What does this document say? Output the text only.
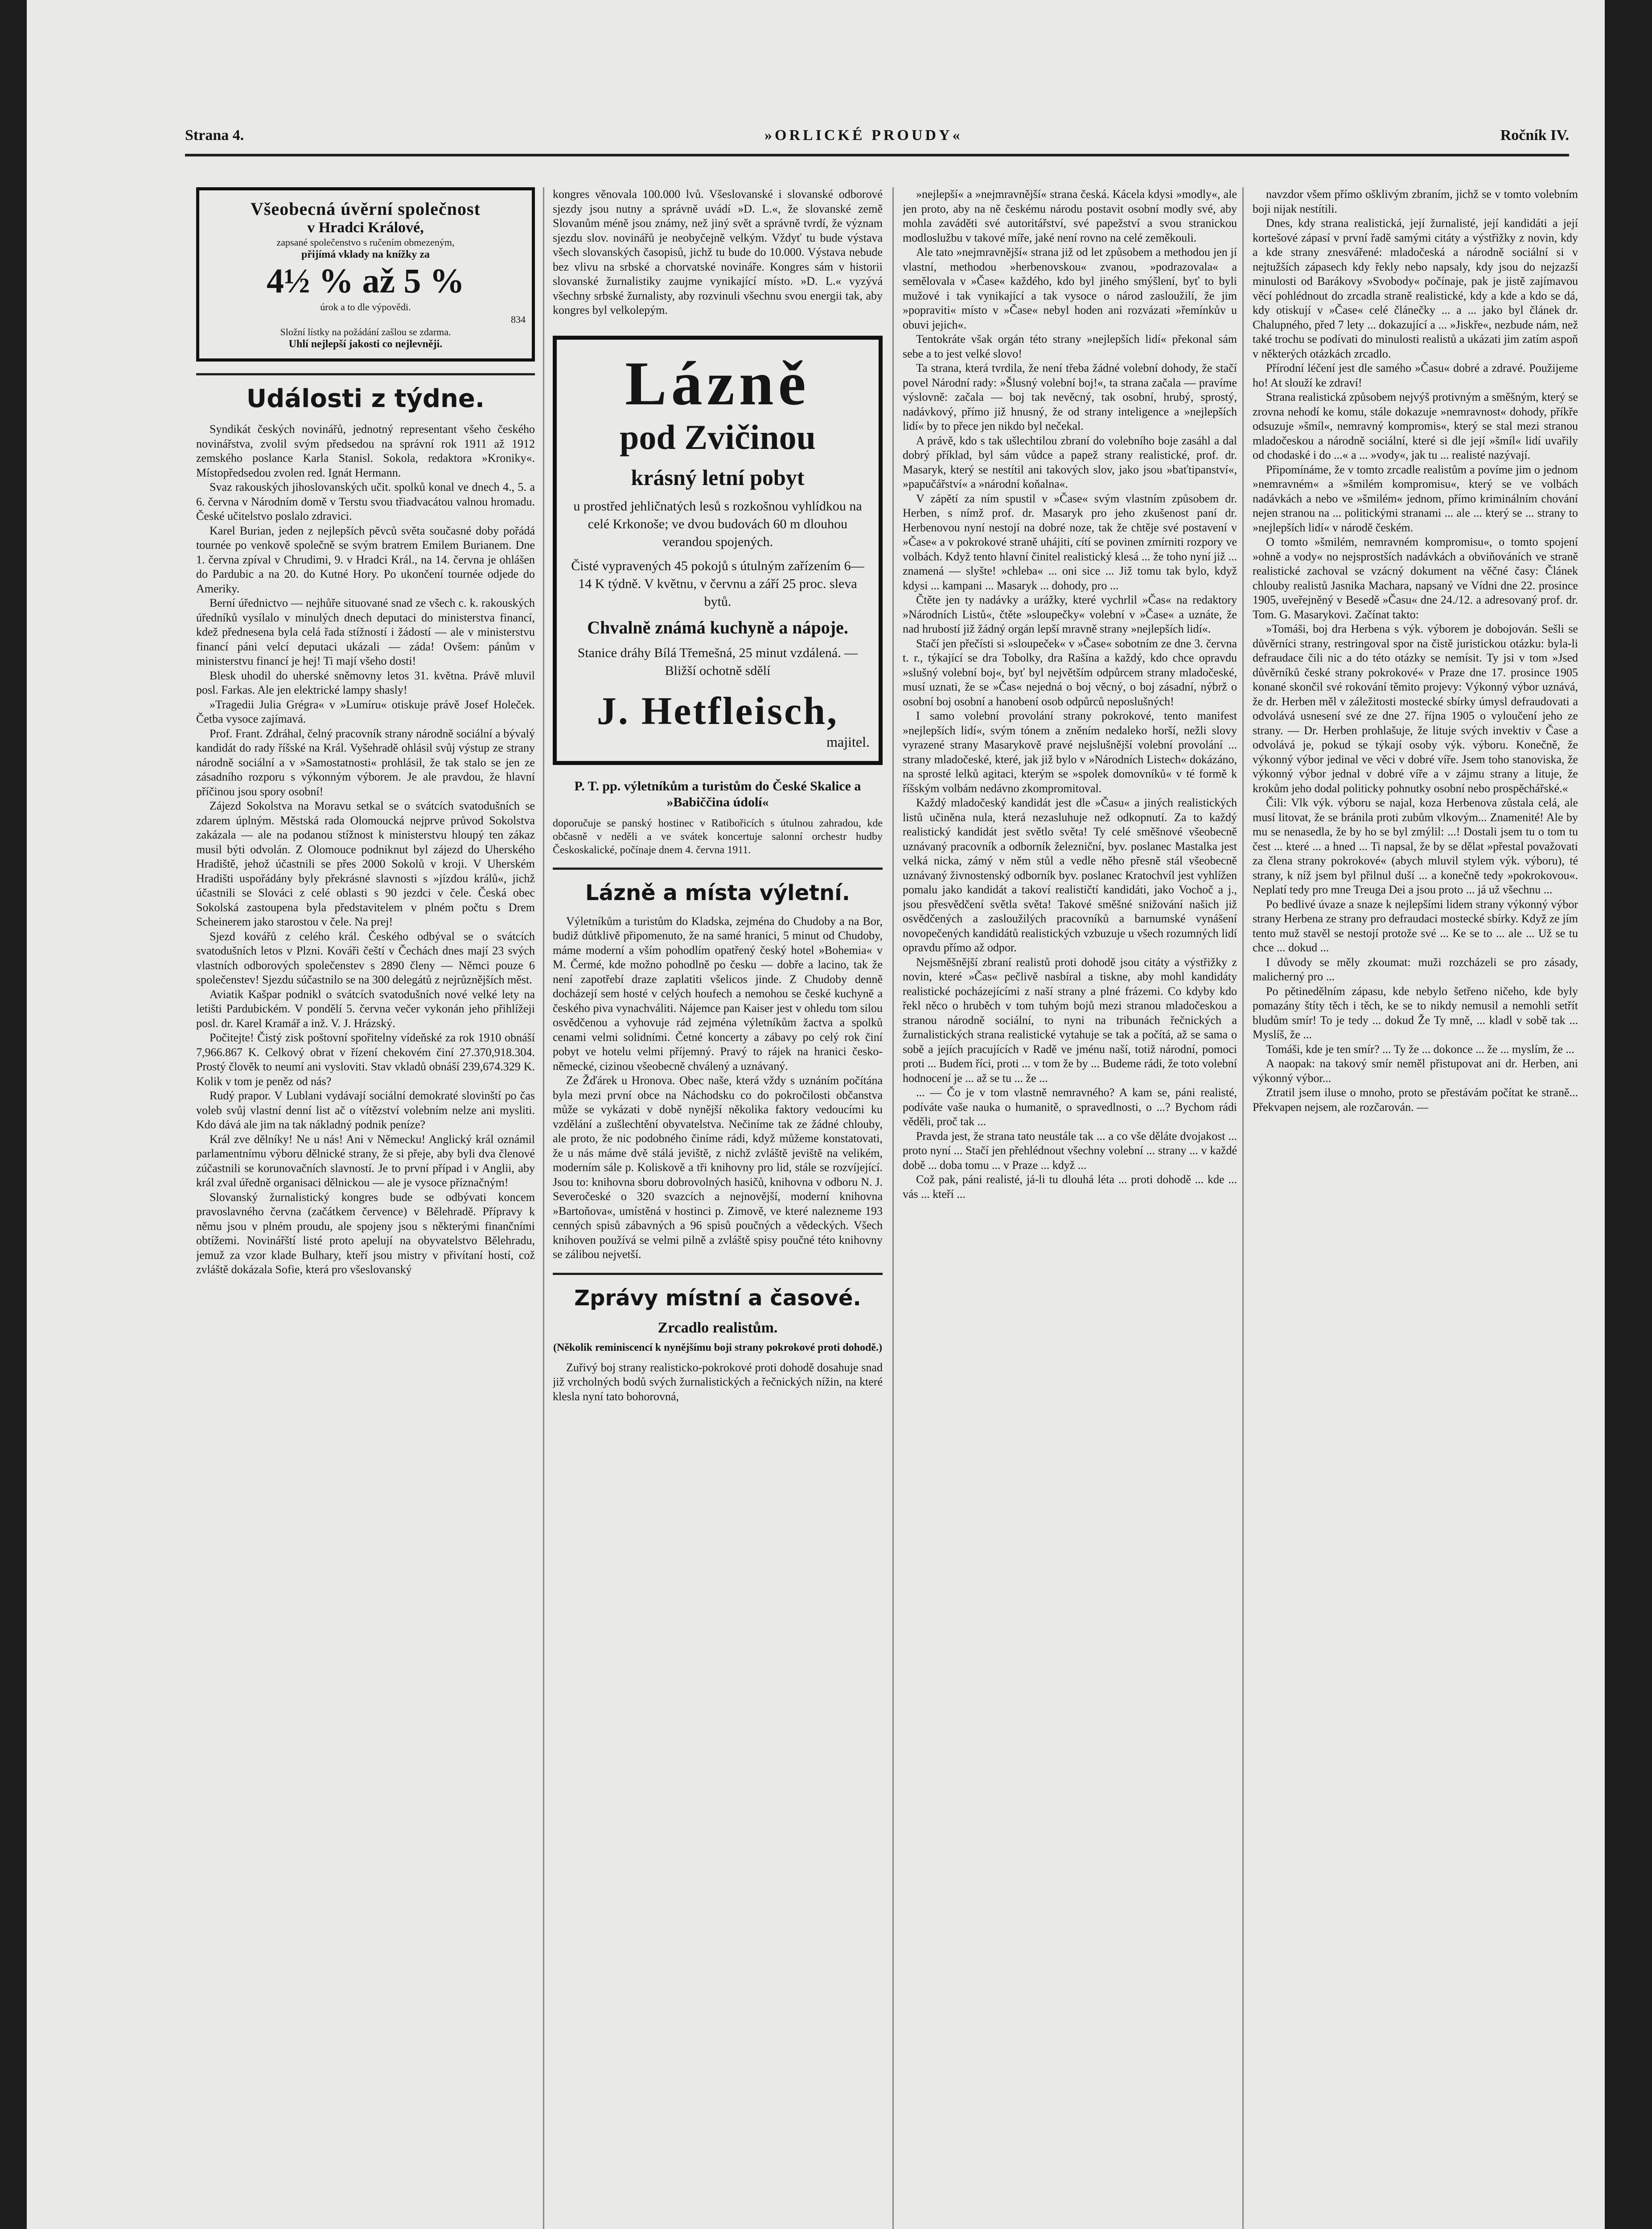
Strana 4.	»ORLICKÉ PROUDY«	Ročník IV.
Všeobecná úvěrní společnost
v Hradci Králové,
zapsané společenstvo s ručením obmezeným,
přijímá vklady na knížky za
4½ % až 5 %
úrok a to dle výpovědi.
834
Složní lístky na požádání zašlou se zdarma.
Uhlí nejlepší jakosti co nejlevněji.
Události z týdne.

Syndikát českých novinářů, jednotný representant všeho českého novinářstva, zvolil svým předsedou na správní rok 1911 až 1912 zemského poslance Karla Stanisl. Sokola, redaktora »Kroniky«. Místopředsedou zvolen red. Ignát Hermann.

Svaz rakouských jihoslovanských učit. spolků konal ve dnech 4., 5. a 6. června v Národním domě v Terstu svou třiadvacátou valnou hromadu. České učitelstvo poslalo zdravici.

Karel Burian, jeden z nejlepších pěvců světa současné doby pořádá tournée po venkově společně se svým bratrem Emilem Burianem. Dne 1. června zpíval v Chrudimi, 9. v Hradci Král., na 14. června je ohlášen do Pardubic a na 20. do Kutné Hory. Po ukončení tournée odjede do Ameriky.

Berní úřednictvo — nejhůře situované snad ze všech c. k. rakouských úředníků vysílalo v minulých dnech deputaci do ministerstva financí, kdež přednesena byla celá řada stížností i žádostí — ale v ministerstvu financí páni velcí deputaci ukázali — záda! Ovšem: pánům v ministerstvu financí je hej! Ti mají všeho dosti!

Blesk uhodil do uherské sněmovny letos 31. května. Právě mluvil posl. Farkas. Ale jen elektrické lampy shasly!

»Tragedii Julia Grégra« v »Lumíru« otiskuje právě Josef Holeček. Četba vysoce zajímavá.

Prof. Frant. Zdráhal, čelný pracovník strany národně sociální a bývalý kandidát do rady říšské na Král. Vyšehradě ohlásil svůj výstup ze strany národně sociální a v »Samostatnosti« prohlásil, že tak stalo se jen ze zásadního rozporu s výkonným výborem. Je ale pravdou, že hlavní příčinou jsou spory osobní!

Zájezd Sokolstva na Moravu setkal se o svátcích svatodušních se zdarem úplným. Městská rada Olomoucká nejprve průvod Sokolstva zakázala — ale na podanou stížnost k ministerstvu hloupý ten zákaz musil býti odvolán. Z Olomouce podniknut byl zájezd do Uherského Hradiště, jehož účastnili se přes 2000 Sokolů v kroji. V Uherském Hradišti uspořádány byly překrásné slavnosti s »jízdou králů«, jichž účastnili se Slováci z celé oblasti s 90 jezdci v čele. Česká obec Sokolská zastoupena byla představitelem v plném počtu s Drem Scheinerem jako starostou v čele. Na prej!

Sjezd kovářů z celého král. Českého odbýval se o svátcích svatodušních letos v Plzni. Kováři čeští v Čechách dnes mají 23 svých vlastních odborových společenstev s 2890 členy — Němci pouze 6 společenstev! Sjezdu súčastnilo se na 300 delegátů z nejrůznějších měst.

Aviatik Kašpar podnikl o svátcích svatodušních nové velké lety na letišti Pardubickém. V pondělí 5. června večer vykonán jeho přihlížeji posl. dr. Karel Kramář a inž. V. J. Hrázský.

Počitejte! Čistý zisk poštovní spořitelny vídeňské za rok 1910 obnáší 7,966.867 K. Celkový obrat v řízení chekovém činí 27.370,918.304. Prostý člověk to neumí ani vysloviti. Stav vkladů obnáší 239,674.329 K. Kolik v tom je peněz od nás?

Rudý prapor. V Lublani vydávají sociální demokraté slovinští po čas voleb svůj vlastní denní list ač o vítězství volebním nelze ani mysliti. Kdo dává ale jim na tak nákladný podnik peníze?

Král zve dělníky! Ne u nás! Ani v Německu! Anglický král oznámil parlamentnímu výboru dělnické strany, že si přeje, aby byli dva členové zúčastnili se korunovačních slavností. Je to první případ i v Anglii, aby král zval úředně organisaci dělnickou — ale je vysoce příznačným!

Slovanský žurnalistický kongres bude se odbývati koncem pravoslavného června (začátkem července) v Bělehradě. Přípravy k němu jsou v plném proudu, ale spojeny jsou s některými finančními obtížemi. Novinářští listé proto apelují na obyvatelstvo Bělehradu, jemuž za vzor klade Bulhary, kteří jsou mistry v přivítaní hostí, což zvláště dokázala Sofie, která pro všeslovanský

kongres věnovala 100.000 lvů. Všeslovanské i slovanské odborové sjezdy jsou nutny a správně uvádí »D. L.«, že slovanské země Slovanům méně jsou známy, než jiný svět a správně tvrdí, že význam sjezdu slov. novinářů je neobyčejně velkým. Vždyť tu bude výstava všech slovanských časopisů, jichž tu bude do 10.000. Výstava nebude bez vlivu na srbské a chorvatské novináře. Kongres sám v historii slovanské žurnalistiky zaujme vynikající místo. »D. L.« vyzývá všechny srbské žurnalisty, aby rozvinuli všechnu svou energii tak, aby kongres byl velkolepým.

Lázně
pod Zvičinou
krásný letní pobyt
u prostřed jehličnatých lesů s rozkošnou vyhlídkou na celé Krkonoše; ve dvou budovách 60 m dlouhou verandou spojených.
Čisté vypravených 45 pokojů s útulným zařízením 6—14 K týdně. V květnu, v červnu a září 25 proc. sleva bytů.
Chvalně známá kuchyně a nápoje.
Stanice dráhy Bílá Třemešná, 25 minut vzdálená. — Bližší ochotně sdělí
J. Hetfleisch,
majitel.
P. T. pp. výletníkům a turistům do České Skalice a »Babiččina údolí«

doporučuje se panský hostinec v Ratibořicích s útulnou zahradou, kde občasně v neděli a ve svátek koncertuje salonní orchestr hudby Českoskalické, počínaje dnem 4. června 1911.

Lázně a místa výletní.

Výletníkům a turistům do Kladska, zejména do Chudoby a na Bor, budiž důtklivě připomenuto, že na samé hranici, 5 minut od Chudoby, máme moderní a vším pohodlím opatřený český hotel »Bohemia« v M. Čermé, kde možno pohodlně po česku — dobře a lacino, tak že není zapotřebí draze zaplatiti všelicos jinde. Z Chudoby denně docházejí sem hosté v celých houfech a nemohou se české kuchyně a českého piva vynachváliti. Nájemce pan Kaiser jest v ohledu tom silou osvědčenou a vyhovuje rád zejména výletníkům žactva a spolků cenami velmi solidními. Četné koncerty a zábavy po celý rok činí pobyt ve hotelu velmi příjemný. Pravý to rájek na hranici česko-německé, cizinou všeobecně chválený a uznávaný.

Ze Žďárek u Hronova. Obec naše, která vždy s uznáním počítána byla mezi první obce na Náchodsku co do pokročilosti občanstva může se vykázati v době nynější několika faktory vedoucími ku vzdělání a zušlechtění obyvatelstva. Nečiníme tak ze žádné chlouby, ale proto, že nic podobného činíme rádi, když můžeme konstatovati, že u nás máme dvě stálá jeviště, z nichž zvláště jeviště na velikém, moderním sále p. Koliskově a tři knihovny pro lid, stále se rozvíjející. Jsou to: knihovna sboru dobrovolných hasičů, knihovna v odboru N. J. Severočeské o 320 svazcích a nejnovější, moderní knihovna »Bartoňova«, umístěná v hostinci p. Zimově, ve které nalezneme 193 cenných spisů zábavných a 96 spisů poučných a vědeckých. Všech knihoven používá se velmi pilně a zvláště spisy poučné této knihovny se zálibou nejvetší.

Zprávy místní a časové.
Zrcadlo realistům.
(Několik reminiscencí k nynějšímu boji strany pokrokové proti dohodě.)

Zuřivý boj strany realisticko-pokrokové proti dohodě dosahuje snad již vrcholných bodů svých žurnalistických a řečnických nížin, na které klesla nyní tato bohorovná,

»nejlepší« a »nejmravnější« strana česká. Kácela kdysi »modly«, ale jen proto, aby na ně českému národu postavit osobní modly své, aby mohla zaváděti své autoritářství, své papežství a svou stranickou modloslužbu v takové míře, jaké není rovno na celé zeměkouli.

Ale tato »nejmravnější« strana již od let způsobem a methodou jen jí vlastní, methodou »herbenovskou« zvanou, »podrazovala« a semělovala v »Čase« každého, kdo byl jiného smýšlení, byť to byli mužové i tak vynikající a tak vysoce o národ zasloužilí, že jim »popraviti« místo v »Čase« nebyl hoden ani rozvázati »řemínkův u obuvi jejich«.

Tentokráte však orgán této strany »nejlepších lidí« překonal sám sebe a to jest velké slovo!

Ta strana, která tvrdila, že není třeba žádné volební dohody, že stačí povel Národní rady: »Šlusný volební boj!«, ta strana začala — pravíme výslovně: začala — boj tak nevěcný, tak osobní, hrubý, sprostý, nadávkový, přímo již hnusný, že od strany inteligence a »nejlepších lidí« by to přece jen nikdo byl nečekal.

A právě, kdo s tak ušlechtilou zbraní do volebního boje zasáhl a dal dobrý příklad, byl sám vůdce a papež strany realistické, prof. dr. Masaryk, který se nestítil ani takových slov, jako jsou »baťtipanství«, »papučářství« a »národní koňalna«.

V zápětí za ním spustil v »Čase« svým vlastním způsobem dr. Herben, s nímž prof. dr. Masaryk pro jeho zkušenost paní dr. Herbenovou nyní nestojí na dobré noze, tak že chtěje své postavení v »Čase« a v pokrokové straně uhájiti, cítí se povinen zmírniti rozpory ve volbách. Když tento hlavní činitel realistický klesá ... že toho nyní již ... znamená — slyšte! »chleba« ... oni sice ... Již tomu tak bylo, když kdysi ... kampani ... Masaryk ... dohody, pro ...

Čtěte jen ty nadávky a urážky, které vychrlil »Čas« na redaktory »Národních Listů«, čtěte »sloupečky« volební v »Čase« a uznáte, že nad hrubostí již žádný orgán lepší mravně strany »nejlepších lidí«.

Stačí jen přečísti si »sloupeček« v »Čase« sobotním ze dne 3. června t. r., týkající se dra Tobolky, dra Rašína a každý, kdo chce opravdu »slušný volební boj«, byť byl největším odpůrcem strany mladočeské, musí uznati, že se »Čas« nejedná o boj věcný, o boj zásadní, nýbrž o osobní boj osobní a hanobení osob odpůrců neposlušných!

I samo volební provolání strany pokrokové, tento manifest »nejlepších lidí«, svým tónem a zněním nedaleko horší, nežli slovy vyrazené strany Masarykově pravé nejslušnější volební provolání ... strany mladočeské, které, jak již bylo v »Národních Listech« dokázáno, na sprosté lelků agitaci, kterým se »spolek domovníků« v té formě k říšským volbám nedávno zkompromitoval.

Každý mladočeský kandidát jest dle »Času« a jiných realistických listů učiněna nula, která nezasluhuje než odkopnutí. Za to každý realistický kandidát jest světlo světa! Ty celé směšnové všeobecně uznávaný pracovník a odborník železniční, byv. poslanec Mastalka jest velká nicka, zámý v něm stůl a vedle něho přesně stál všeobecně uznávaný živnostenský odborník byv. poslanec Kratochvíl jest vyhlížen pomalu jako kandidát a takoví realističtí kandidáti, jako Vochoč a j., jsou přesvědčení světla světa! Takové směšné snižování našich již osvědčených a zasloužilých pracovníků a barnumské vynášení novopečených kandidátů realistických vzbuzuje u všech rozumných lidí opravdu přímo až odpor.

Nejsměšnější zbraní realistů proti dohodě jsou citáty a výstřižky z novin, které »Čas« pečlivě nasbíral a tiskne, aby mohl kandidáty realistické pocházejícími z naší strany a plné frázemi. Co kdyby kdo řekl něco o hruběch v tom tuhým bojů mezi stranou mladočeskou a stranou národně sociální, to nyni na tribunách řečnických a žurnalistických strana realistické vytahuje se tak a počítá, až se sama o sobě a jejích pracujících v Radě ve jménu naší, totiž národní, pomoci proti ... Budem říci, proti ... v tom že by ... Budeme rádi, že toto volební hodnocení je ... až se tu ... že ...

... — Čo je v tom vlastně nemravného? A kam se, páni realisté, podíváte vaše nauka o humanitě, o spravedlnosti, o ...? Bychom rádi věděli, proč tak ...

Pravda jest, že strana tato neustále tak ... a co vše děláte dvojakost ... proto nyní ... Stačí jen přehlédnout všechny volební ... strany ... v každé době ... doba tomu ... v Praze ... když ...

Což pak, páni realisté, já-li tu dlouhá léta ... proti dohodě ... kde ... vás ... kteří ...

navzdor všem přímo ošklivým zbraním, jichž se v tomto volebním boji nijak nestítili.

Dnes, kdy strana realistická, její žurnalisté, její kandidáti a její kortešové zápasí v první řadě samými citáty a výstřižky z novin, kdy a kde strany znesvářené: mladočeská a národně sociální si v nejtužších zápasech kdy řekly nebo napsaly, kdy jsou do nejzazší minulosti od Barákovy »Svobody« počínaje, pak je jistě zajímavou věcí pohlédnout do zrcadla straně realistické, kdy a kde a kdo se dá, kdy otiskují v »Čase« celé článečky ... a ... jako byl článek dr. Chalupného, před 7 lety ... dokazující a ... »Jiskře«, nezbude nám, než také trochu se podívati do minulosti realistů a ukázati jim zatím aspoň v některých otázkách zrcadlo.

Přírodní léčení jest dle samého »Času« dobré a zdravé. Použijeme ho! At slouží ke zdraví!

Strana realistická způsobem nejvýš protivným a směšným, který se zrovna nehodí ke komu, stále dokazuje »nemravnost« dohody, příkře odsuzuje »šmíl«, nemravný kompromis«, který se stal mezi stranou mladočeskou a národně sociální, které si dle její »šmíl« lidí uvařily od chodaské i do ...« a ... »vody«, jak tu ... realisté nazývají.

Připomínáme, že v tomto zrcadle realistům a povíme jim o jednom »nemravném« a »šmilém kompromisu«, který se ve volbách nadávkách a nebo ve »šmilém« jednom, přímo kriminálním chování nejen stranou na ... politickými stranami ... ale ... který se ... strany to »nejlepších lidí« v národě českém.

O tomto »šmilém, nemravném kompromisu«, o tomto spojení »ohně a vody« no nejsprostších nadávkách a obviňováních ve straně realistické zachoval se vzácný dokument na věčné časy: Článek chlouby realistů Jasnika Machara, napsaný ve Vídni dne 22. prosince 1905, uveřejněný v Besedě »Času« dne 24./12. a adresovaný prof. dr. Tom. G. Masarykovi. Začínat takto:

»Tomáši, boj dra Herbena s výk. výborem je dobojován. Sešli se důvěrníci strany, restringoval spor na čistě juristickou otázku: byla-li defraudace čili nic a do této otázky se nemísit. Ty jsi v tom »Jsed důvěrníků české strany pokrokové« v Praze dne 17. prosince 1905 konané skončil své rokování těmito projevy: Výkonný výbor uznává, že dr. Herben měl v záležitosti mostecké sbírky úmysl defraudovati a odvolává usnesení své ze dne 27. října 1905 o vyloučení jeho ze strany. — Dr. Herben prohlašuje, že lituje svých invektiv v Čase a odvolává je, pokud se týkají osoby výk. výboru. Konečně, že výkonný výbor jedinal ve věci v dobré víře. Jsem toho stanoviska, že výkonný výbor jednal v dobré víře a v zájmu strany a lituje, že krokům jeho dodal politicky pohnutky osobní nebo prospěchářské.«

Čili: Vlk výk. výboru se najal, koza Herbenova zůstala celá, ale musí litovat, že se bránila proti zubům vlkovým... Znamenité! Ale by mu se nenasedla, že by ho se byl zmýlil: ...! Dostali jsem tu o tom tu čest ... které ... a hned ... Ti napsal, že by se dělat »přestal považovati za člena strany pokrokové« (abych mluvil stylem výk. výboru), té strany, k níž jsem byl přilnul duší ... a konečně tedy »pokrokovou«. Neplatí tedy pro mne Treuga Dei a jsou proto ... já už všechnu ...

Po bedlivé úvaze a snaze k nejlepšími lidem strany výkonný výbor strany Herbena ze strany pro defraudaci mostecké sbírky. Když ze jím tento muž stavěl se nestojí protože své ... Ke se to ... ale ... Už se tu chce ... dokud ...

I důvody se měly zkoumat: muži rozcházeli se pro zásady, malicherný pro ...

Po pětinedělním zápasu, kde nebylo šetřeno ničeho, kde byly pomazány štíty těch i těch, ke se to nikdy nemusil a nemohli setřít bludům smír! To je tedy ... dokud Že Ty mně, ... kladl v sobě tak ... Myslíš, že ...

Tomáši, kde je ten smír? ... Ty že ... dokonce ... že ... myslím, že ...

A naopak: na takový smír neměl přistupovat ani dr. Herben, ani výkonný výbor...

Ztratil jsem iluse o mnoho, proto se přestávám počítat ke straně... Překvapen nejsem, ale rozčarován. —
